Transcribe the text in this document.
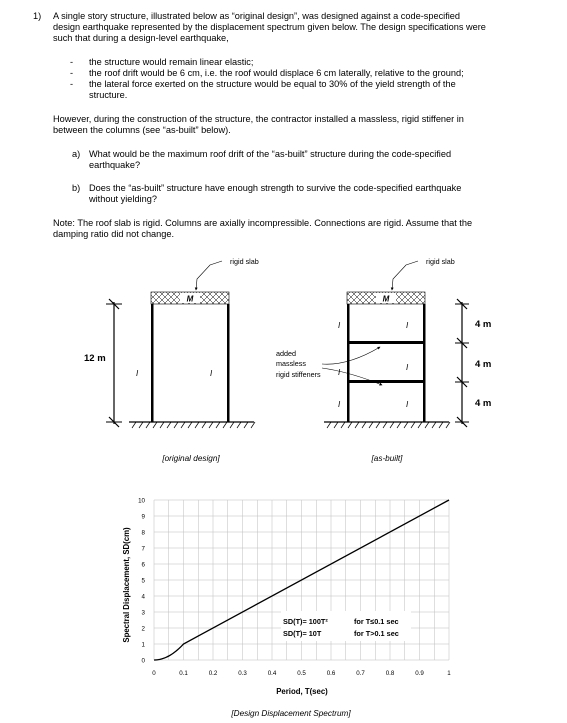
1) A single story structure, illustrated below as “original design”, was designed against a code-specified
design earthquake represented by the displacement spectrum given below. The design specifications were
such that during a design-level earthquake,
- the structure would remain linear elastic;
- the roof drift would be 6 cm, i.e. the roof would displace 6 cm laterally, relative to the ground;
- the lateral force exerted on the structure would be equal to 30% of the yield strength of the
structure.
However, during the construction of the structure, the contractor installed a massless, rigid stiffener in
between the columns (see “as-built” below).
a) What would be the maximum roof drift of the “as-built” structure during the code-specified
earthquake?
b) Does the “as-built” structure have enough strength to survive the code-specified earthquake
without yielding?
Note: The roof slab is rigid. Columns are axially incompressible. Connections are rigid. Assume that the
damping ratio did not change.
M
I	I
rigid slab
12 m
M
I	I
I
I
I	I
rigid slab
added
massless
rigid stiffeners
4 m
4 m
4 m
[original design]	[as-built]
0
1
2
3
4
5
6
7
8
9
10
0	0.1	0.2	0.3	0.4	0.5	0.6	0.7	0.8	0.9	1
SD(T)= 100T²	for T≤0.1 sec
SD(T)= 10T	for T>0.1 sec
Period, T(sec)
Spectral Displacement, SD(cm)
[Design Displacement Spectrum]
